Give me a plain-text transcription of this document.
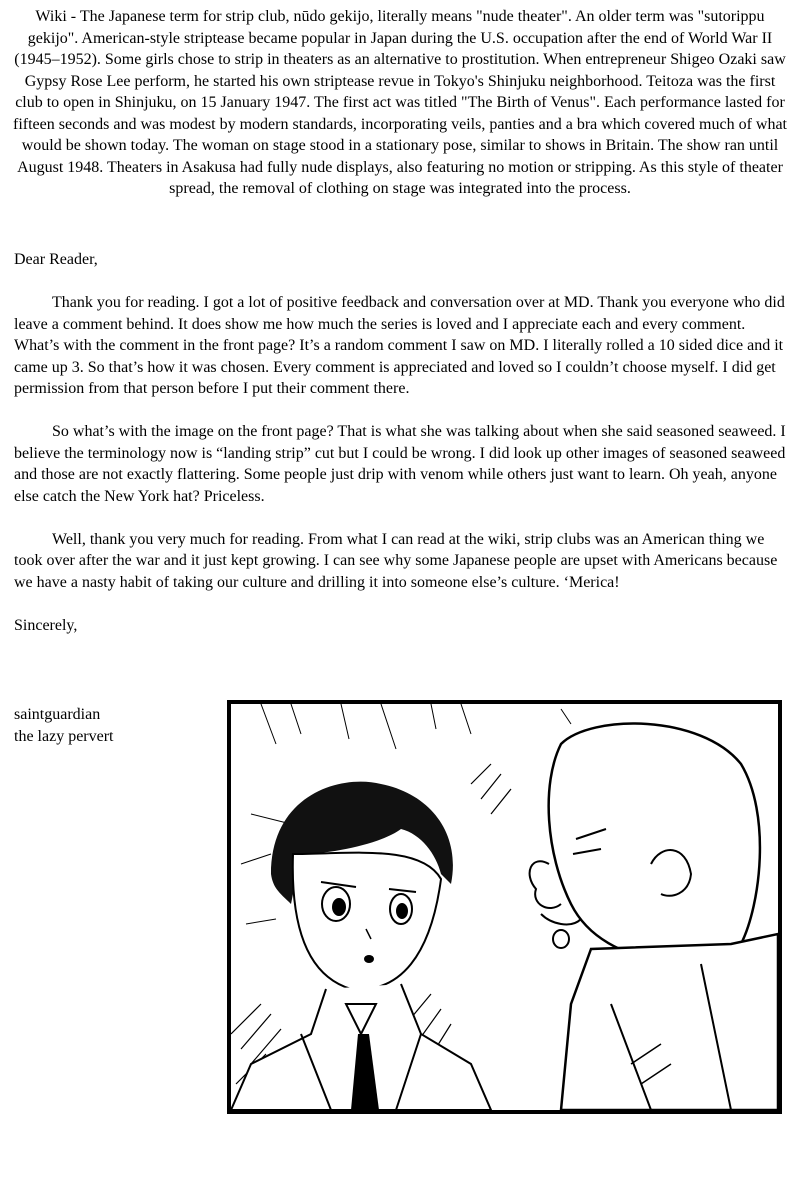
Wiki - The Japanese term for strip club, nūdo gekijo, literally means "nude theater". An older term was "sutorippu gekijo". American-style striptease became popular in Japan during the U.S. occupation after the end of World War II (1945–1952). Some girls chose to strip in theaters as an alternative to prostitution. When entrepreneur Shigeo Ozaki saw Gypsy Rose Lee perform, he started his own striptease revue in Tokyo's Shinjuku neighborhood. Teitoza was the first club to open in Shinjuku, on 15 January 1947. The first act was titled "The Birth of Venus". Each performance lasted for fifteen seconds and was modest by modern standards, incorporating veils, panties and a bra which covered much of what would be shown today. The woman on stage stood in a stationary pose, similar to shows in Britain. The show ran until August 1948. Theaters in Asakusa had fully nude displays, also featuring no motion or stripping. As this style of theater spread, the removal of clothing on stage was integrated into the process.

Dear Reader,

Thank you for reading. I got a lot of positive feedback and conversation over at MD. Thank you everyone who did leave a comment behind. It does show me how much the series is loved and I appreciate each and every comment. What’s with the comment in the front page? It’s a random comment I saw on MD. I literally rolled a 10 sided dice and it came up 3. So that’s how it was chosen. Every comment is appreciated and loved so I couldn’t choose myself. I did get permission from that person before I put their comment there.

So what’s with the image on the front page? That is what she was talking about when she said seasoned seaweed. I believe the terminology now is “landing strip” cut but I could be wrong. I did look up other images of seasoned seaweed and those are not exactly flattering. Some people just drip with venom while others just want to learn. Oh yeah, anyone else catch the New York hat? Priceless.

Well, thank you very much for reading. From what I can read at the wiki, strip clubs was an American thing we took over after the war and it just kept growing. I can see why some Japanese people are upset with Americans because we have a nasty habit of taking our culture and drilling it into someone else’s culture. ‘Merica!

Sincerely,

saintguardian
the lazy pervert
